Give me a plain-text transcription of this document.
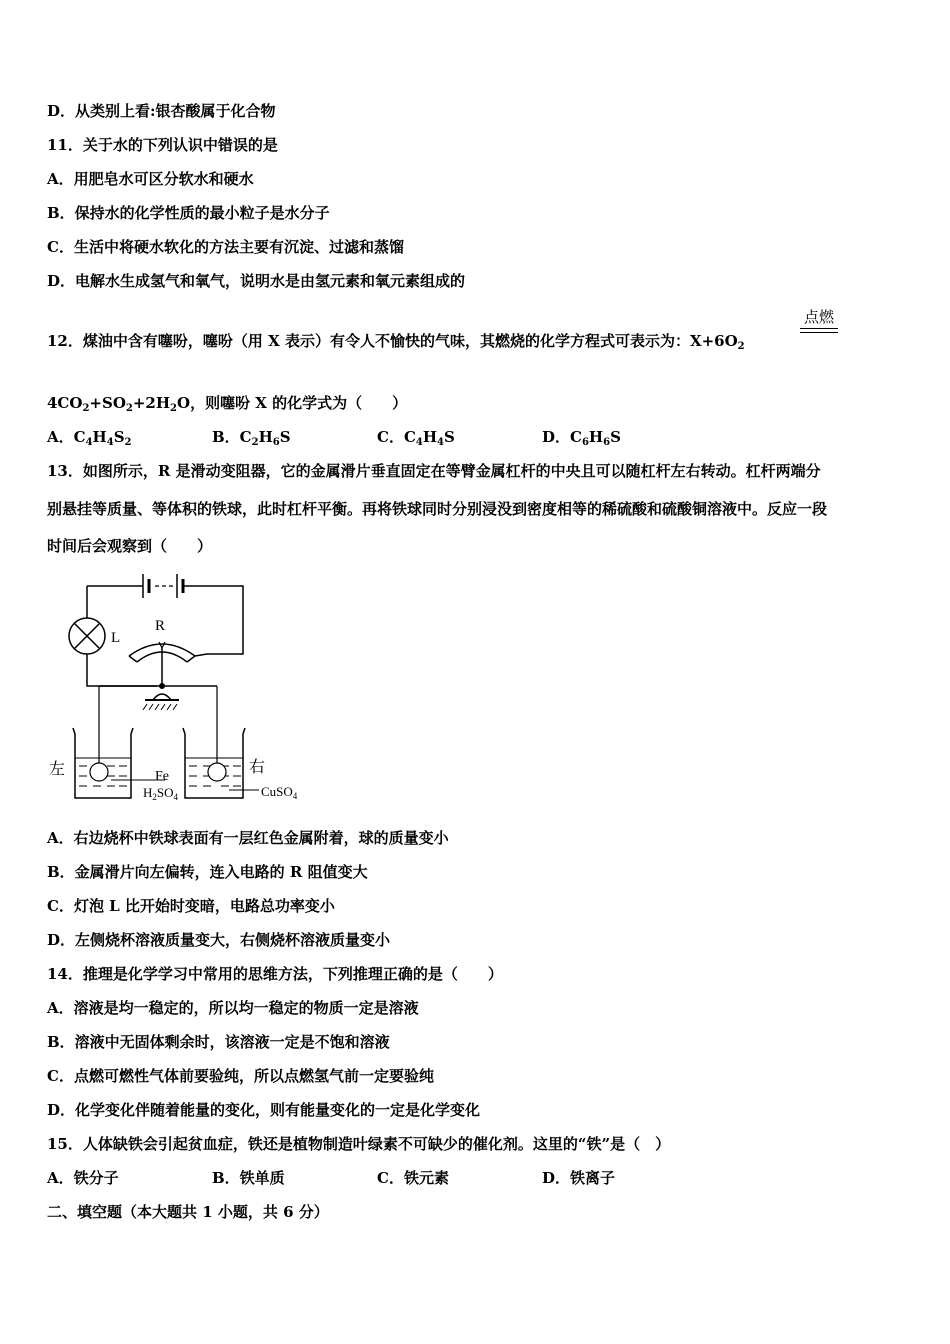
D．从类别上看:银杏酸属于化合物
11．关于水的下列认识中错误的是
A．用肥皂水可区分软水和硬水
B．保持水的化学性质的最小粒子是水分子
C．生活中将硬水软化的方法主要有沉淀、过滤和蒸馏
D．电解水生成氢气和氧气，说明水是由氢元素和氧元素组成的
12．煤油中含有噻吩，噻吩（用 X 表示）有令人不愉快的气味，其燃烧的化学方程式可表示为：$X+6O_2$
点燃
$4CO_2+SO_2+2H_2O$，则噻吩 X 的化学式为（　　）
A．$C_4H_4S_2$	B．$C_2H_6S$	C．$C_4H_4S$	D．$C_6H_6S$
13．如图所示，R 是滑动变阻器，它的金属滑片垂直固定在等臂金属杠杆的中央且可以随杠杆左右转动。杠杆两端分
别悬挂等质量、等体积的铁球，此时杠杆平衡。再将铁球同时分别浸没到密度相等的稀硫酸和硫酸铜溶液中。反应一段
时间后会观察到（　　）
L
R
左	右
Fe
$H_2SO_4$	CuSO$_4$
A．右边烧杯中铁球表面有一层红色金属附着，球的质量变小
B．金属滑片向左偏转，连入电路的 R 阻值变大
C．灯泡 L 比开始时变暗，电路总功率变小
D．左侧烧杯溶液质量变大，右侧烧杯溶液质量变小
14．推理是化学学习中常用的思维方法，下列推理正确的是（　　）
A．溶液是均一稳定的，所以均一稳定的物质一定是溶液
B．溶液中无固体剩余时，该溶液一定是不饱和溶液
C．点燃可燃性气体前要验纯，所以点燃氢气前一定要验纯
D．化学变化伴随着能量的变化，则有能量变化的一定是化学变化
15．人体缺铁会引起贫血症，铁还是植物制造叶绿素不可缺少的催化剂。这里的“铁”是（　）
A．铁分子	B．铁单质	C．铁元素	D．铁离子
二、填空题（本大题共 1 小题，共 6 分）
